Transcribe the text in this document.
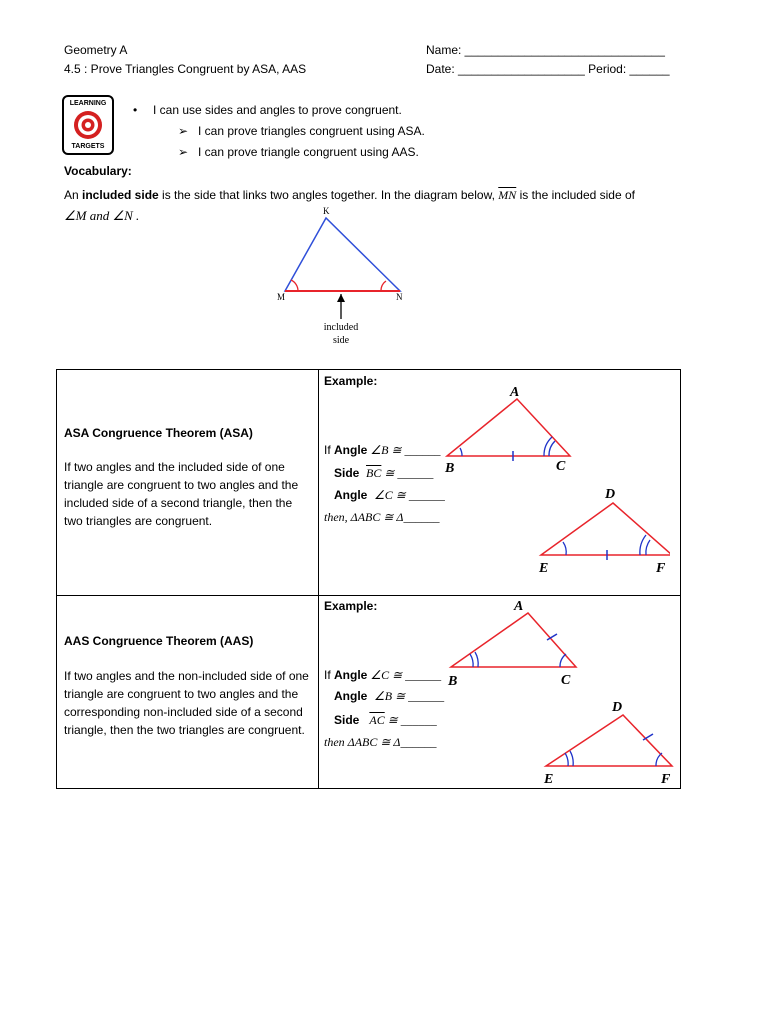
Geometry A
4.5 : Prove Triangles Congruent by ASA, AAS
Name: ______________________________
Date: ___________________ Period: ______
LEARNING
TARGETS
• I can use sides and angles to prove congruent.
➢ I can prove triangles congruent using ASA.
➢ I can prove triangle congruent using AAS.
Vocabulary:
An included side is the side that links two angles together. In the diagram below, $\overline{MN}$ is the included side of
∠M and ∠N .	K
M	N
included
side
ASA Congruence Theorem (ASA)
If two angles and the included side of one triangle are congruent to two angles and the included side of a second triangle, then the two triangles are congruent.
Example:
If Angle ∠B ≅ ______
Side $\overline{BC}$ ≅ ______
Angle  ∠C ≅ ______
then, ΔABC ≅ Δ______
A
B	C
D
E	F
AAS Congruence Theorem (AAS)
If two angles and the non-included side of one triangle are congruent to two angles and the corresponding non-included side of a second triangle, then the two triangles are congruent.
Example:
If Angle ∠C ≅ ______
Angle  ∠B ≅ ______
Side $\overline{AC}$ ≅ ______
then ΔABC ≅ Δ______
A
B	C
D
E	F
